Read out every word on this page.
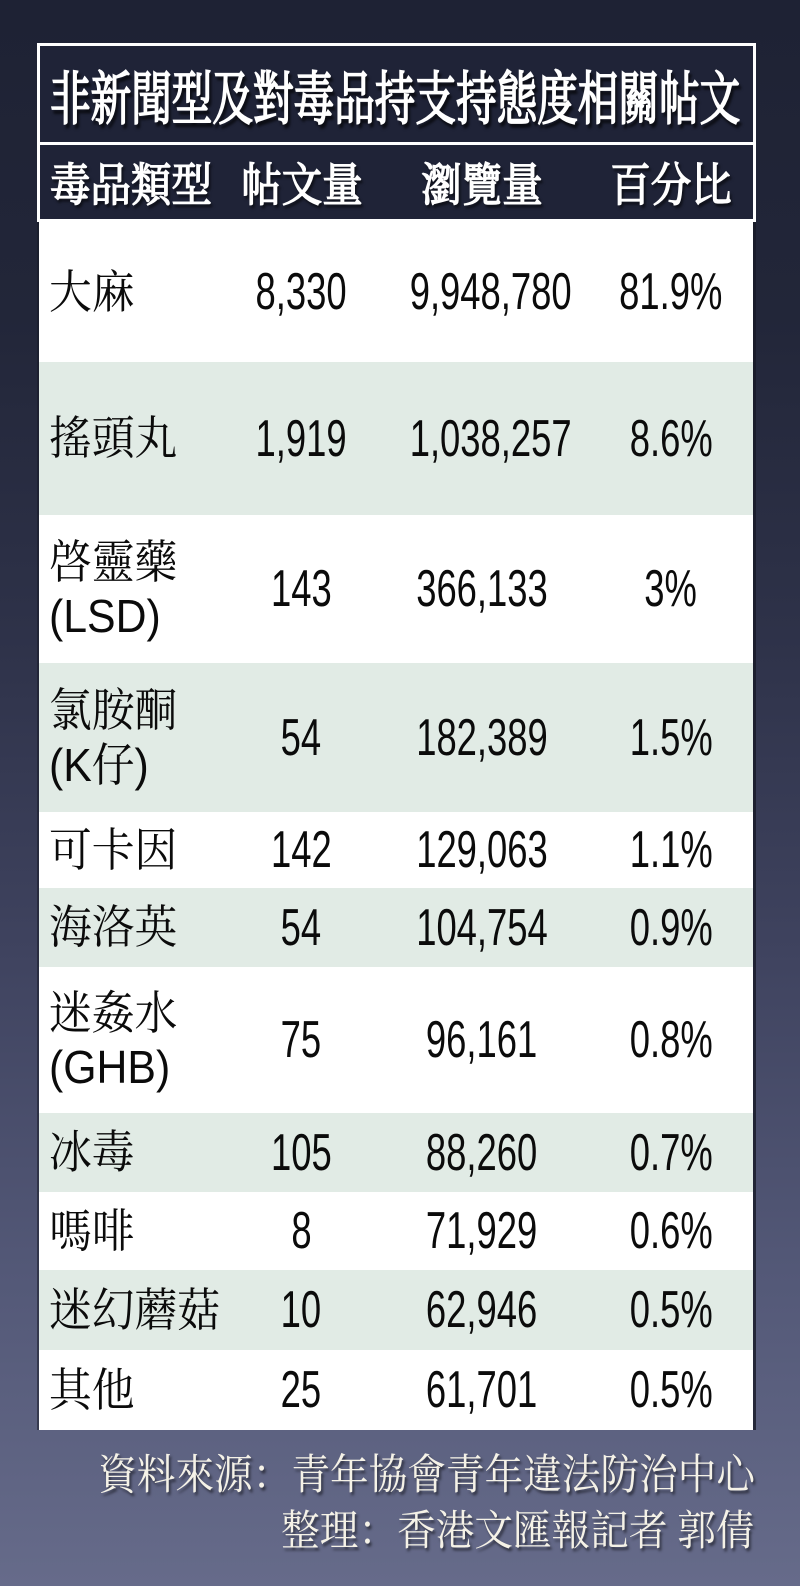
非新聞型及對毒品持支持態度相關帖文
毒品類型 帖文量	瀏覽量	百分比
大麻	8,330	9,948,780 81.9%
搖頭丸	1,919	1,038,257	8.6%
啓靈藥
(LSD)	143	366,133	3%
氯胺酮
(K仔)	54	182,389	1.5%
可卡因	142	129,063	1.1%
海洛英	54	104,754	0.9%
迷姦水
(GHB)	75	96,161	0.8%
冰毒	105	88,260	0.7%
嗎啡	8	71,929	0.6%
迷幻蘑菇	10	62,946	0.5%
其他	25	61,701	0.5%
資料來源：青年協會青年違法防治中心
整理：香港文匯報記者 郭倩
